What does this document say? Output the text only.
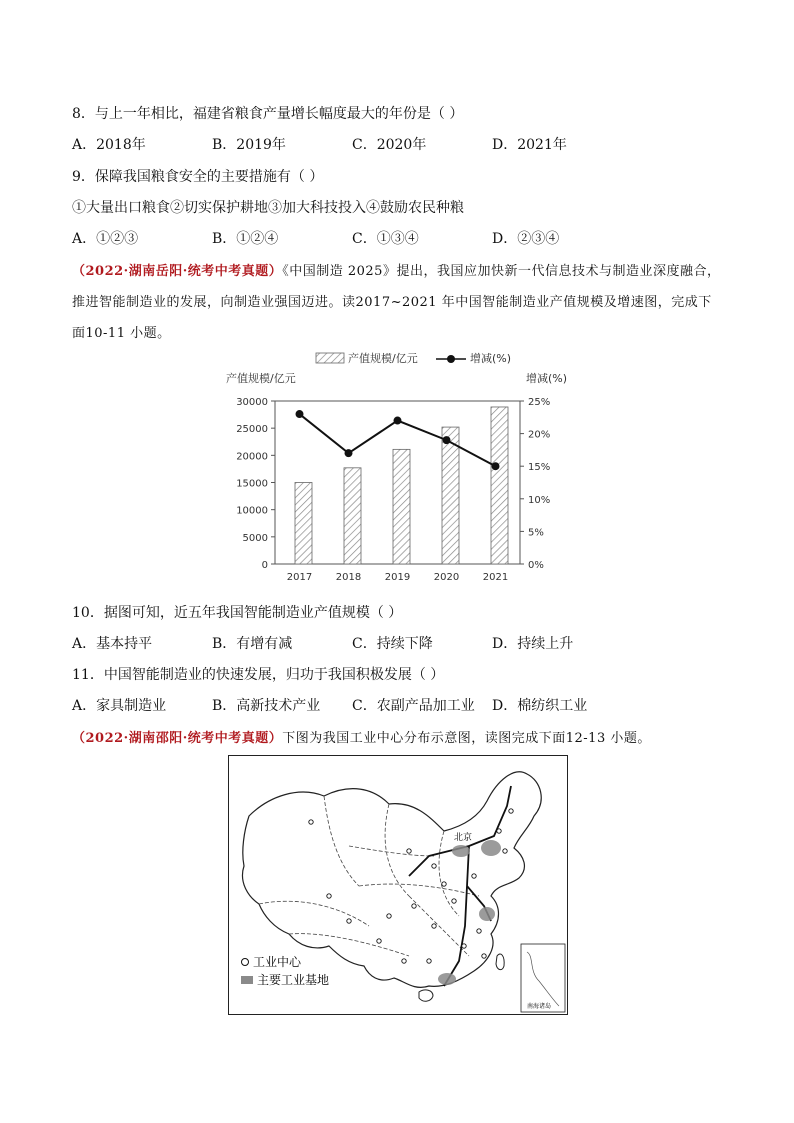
8．与上一年相比，福建省粮食产量增长幅度最大的年份是（ ）
A．2018年	B．2019年	C．2020年	D．2021年
9．保障我国粮食安全的主要措施有（ ）
①大量出口粮食②切实保护耕地③加大科技投入④鼓励农民种粮
A．①②③	B．①②④	C．①③④	D．②③④
（2022·湖南岳阳·统考中考真题）《中国制造 2025》提出，我国应加快新一代信息技术与制造业深度融合，
推进智能制造业的发展，向制造业强国迈进。读2017~2021 年中国智能制造业产值规模及增速图，完成下
面10-11 小题。
产值规模/亿元	增减(%)
产值规模/亿元	增减(%)
0
5000
10000
15000
20000
25000
30000
0%
5%
10%
15%
20%
25%
2017 2018 2019 2020 2021
10．据图可知，近五年我国智能制造业产值规模（ ）
A．基本持平	B．有增有减	C．持续下降	D．持续上升
11．中国智能制造业的快速发展，归功于我国积极发展（ ）
A．家具制造业	B．高新技术产业 C．农副产品加工业 D．棉纺织工业
（2022·湖南邵阳·统考中考真题）下图为我国工业中心分布示意图，读图完成下面12-13 小题。
北京
工业中心
主要工业基地
南海诸岛
